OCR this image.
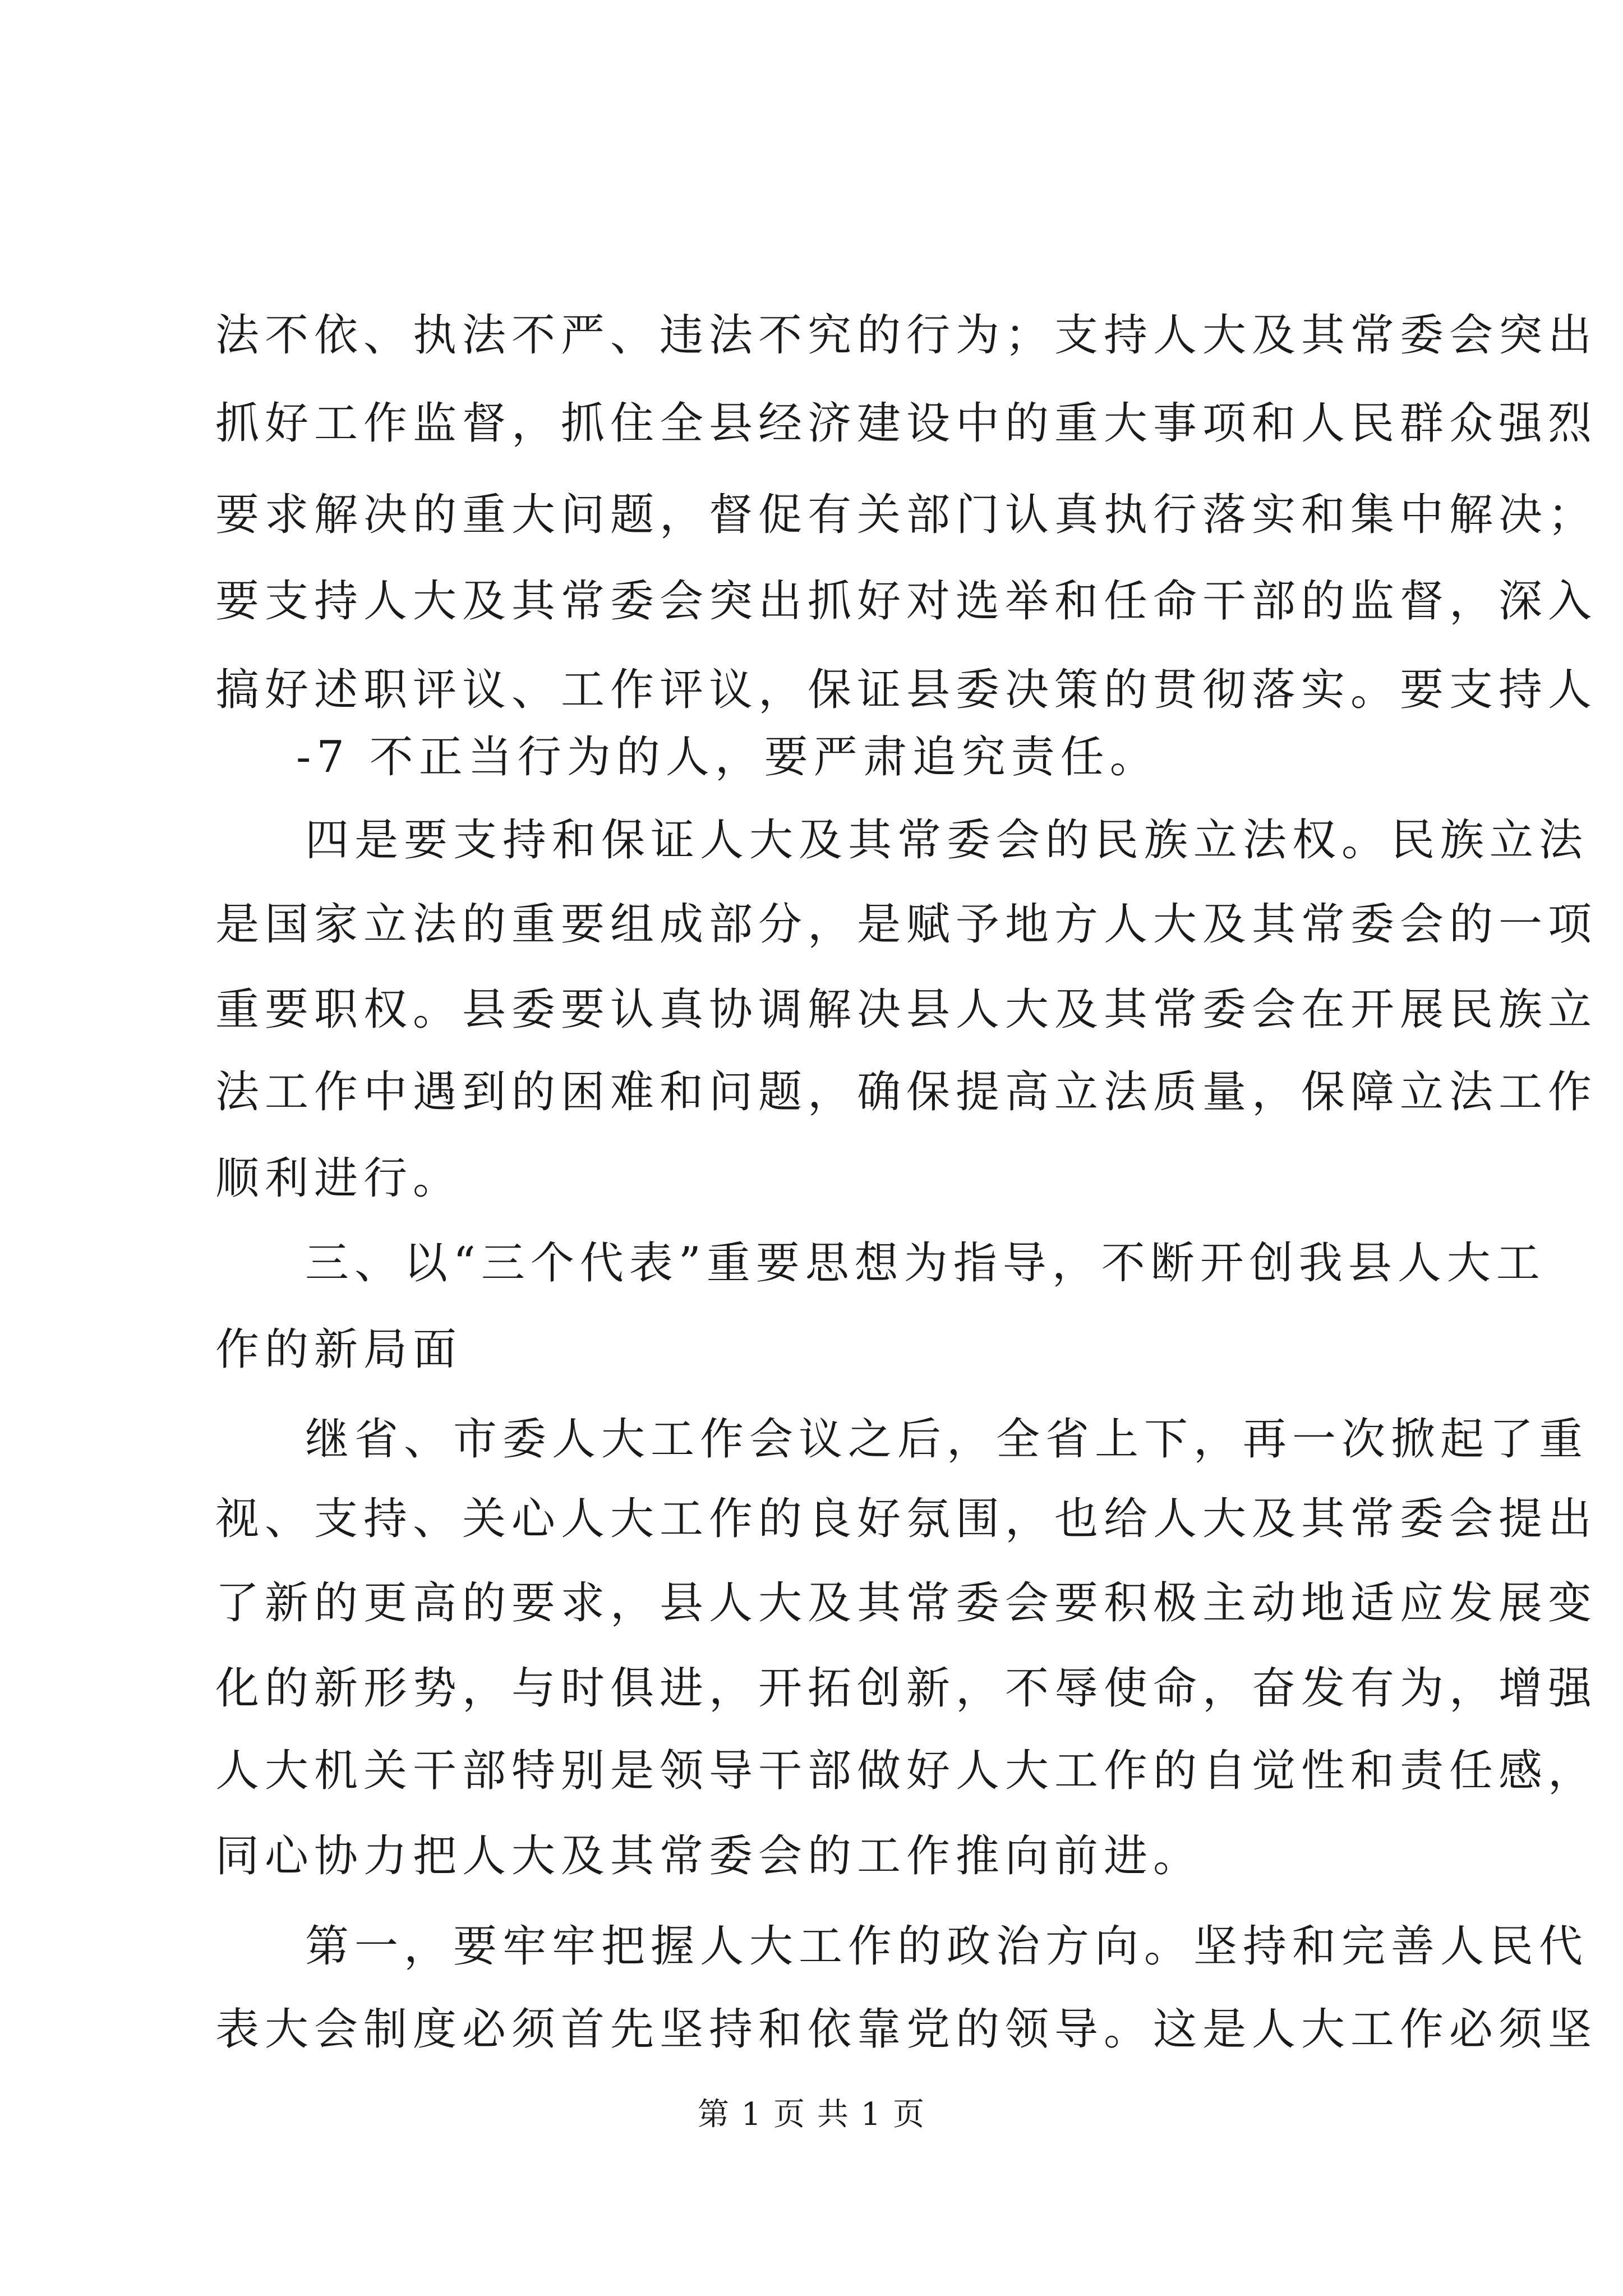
法不依、执法不严、违法不究的行为；支持人大及其常委会突出
抓好工作监督，抓住全县经济建设中的重大事项和人民群众强烈
要求解决的重大问题，督促有关部门认真执行落实和集中解决；
要支持人大及其常委会突出抓好对选举和任命干部的监督，深入
搞好述职评议、工作评议，保证县委决策的贯彻落实。要支持人
-7 不正当行为的人，要严肃追究责任。
四是要支持和保证人大及其常委会的民族立法权。民族立法
是国家立法的重要组成部分，是赋予地方人大及其常委会的一项
重要职权。县委要认真协调解决县人大及其常委会在开展民族立
法工作中遇到的困难和问题，确保提高立法质量，保障立法工作
顺利进行。
三、以“三个代表”重要思想为指导，不断开创我县人大工
作的新局面
继省、市委人大工作会议之后，全省上下，再一次掀起了重
视、支持、关心人大工作的良好氛围，也给人大及其常委会提出
了新的更高的要求，县人大及其常委会要积极主动地适应发展变
化的新形势，与时俱进，开拓创新，不辱使命，奋发有为，增强
人大机关干部特别是领导干部做好人大工作的自觉性和责任感，
同心协力把人大及其常委会的工作推向前进。
第一，要牢牢把握人大工作的政治方向。坚持和完善人民代
表大会制度必须首先坚持和依靠党的领导。这是人大工作必须坚
第 1 页 共 1 页
